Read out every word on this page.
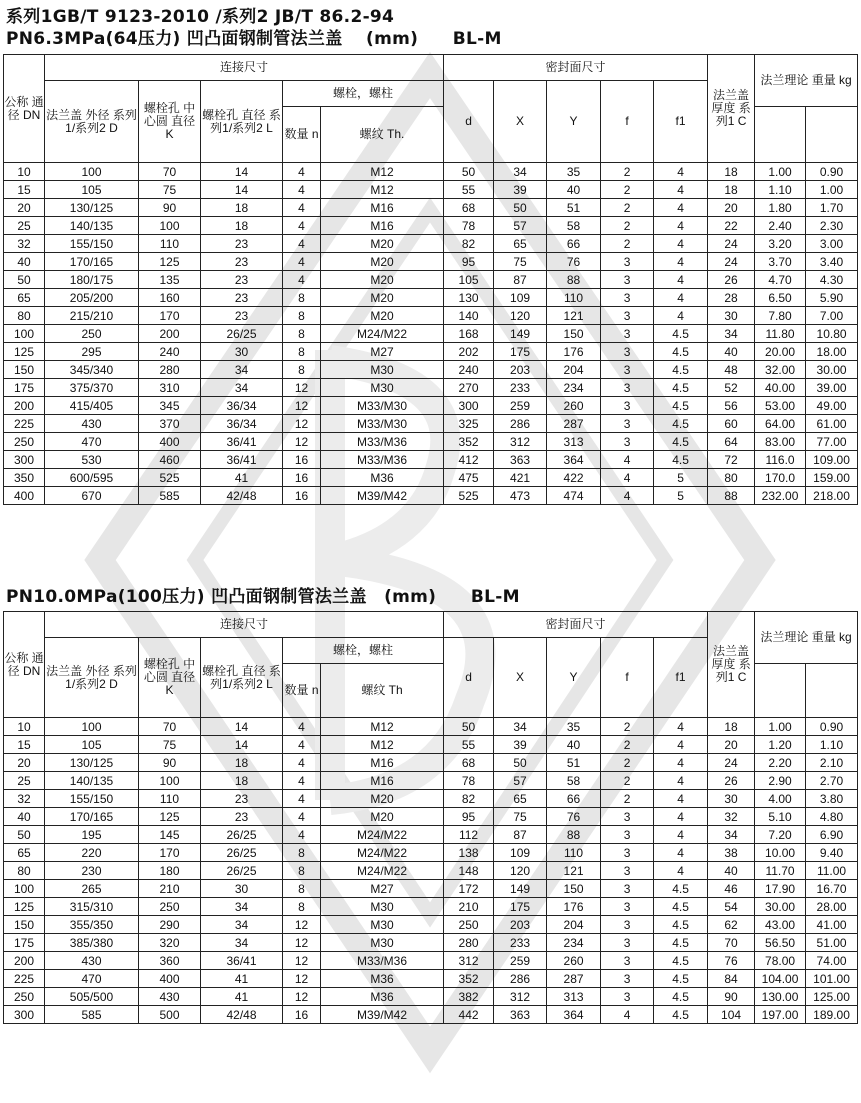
系列1GB/T 9123-2010 /系列2 JB/T 86.2-94
PN6.3MPa(64压力) 凹凸面钢制管法兰盖　 (mm)　　BL-M
公称 通径 DN	连接尺寸					密封面尺寸					法兰盖 厚度 系列1 C	法兰理论 重量 kg	
	法兰盖 外径 系列1/系列2 D	螺栓孔 中心圆 直径 K	螺栓孔 直径 系列1/系列2 L	螺栓，螺柱		d	X	Y	f	f1			
				数量 n	螺纹 Th.								
10	100	70	14	4	M12	50	34	35	2	4	18	1.00	0.90
15	105	75	14	4	M12	55	39	40	2	4	18	1.10	1.00
20	130/125	90	18	4	M16	68	50	51	2	4	20	1.80	1.70
25	140/135	100	18	4	M16	78	57	58	2	4	22	2.40	2.30
32	155/150	110	23	4	M20	82	65	66	2	4	24	3.20	3.00
40	170/165	125	23	4	M20	95	75	76	3	4	24	3.70	3.40
50	180/175	135	23	4	M20	105	87	88	3	4	26	4.70	4.30
65	205/200	160	23	8	M20	130	109	110	3	4	28	6.50	5.90
80	215/210	170	23	8	M20	140	120	121	3	4	30	7.80	7.00
100	250	200	26/25	8	M24/M22	168	149	150	3	4.5	34	11.80	10.80
125	295	240	30	8	M27	202	175	176	3	4.5	40	20.00	18.00
150	345/340	280	34	8	M30	240	203	204	3	4.5	48	32.00	30.00
175	375/370	310	34	12	M30	270	233	234	3	4.5	52	40.00	39.00
200	415/405	345	36/34	12	M33/M30	300	259	260	3	4.5	56	53.00	49.00
225	430	370	36/34	12	M33/M30	325	286	287	3	4.5	60	64.00	61.00
250	470	400	36/41	12	M33/M36	352	312	313	3	4.5	64	83.00	77.00
300	530	460	36/41	16	M33/M36	412	363	364	4	4.5	72	116.0	109.00
350	600/595	525	41	16	M36	475	421	422	4	5	80	170.0	159.00
400	670	585	42/48	16	M39/M42	525	473	474	4	5	88	232.00	218.00
PN10.0MPa(100压力) 凹凸面钢制管法兰盖　(mm)　　BL-M
公称 通径 DN	连接尺寸					密封面尺寸					法兰盖 厚度 系列1 C	法兰理论 重量 kg	
	法兰盖 外径 系列1/系列2 D	螺栓孔 中心圆 直径 K	螺栓孔 直径 系列1/系列2 L	螺栓，螺柱		d	X	Y	f	f1			
				数量 n	螺纹 Th								
10	100	70	14	4	M12	50	34	35	2	4	18	1.00	0.90
15	105	75	14	4	M12	55	39	40	2	4	20	1.20	1.10
20	130/125	90	18	4	M16	68	50	51	2	4	24	2.20	2.10
25	140/135	100	18	4	M16	78	57	58	2	4	26	2.90	2.70
32	155/150	110	23	4	M20	82	65	66	2	4	30	4.00	3.80
40	170/165	125	23	4	M20	95	75	76	3	4	32	5.10	4.80
50	195	145	26/25	4	M24/M22	112	87	88	3	4	34	7.20	6.90
65	220	170	26/25	8	M24/M22	138	109	110	3	4	38	10.00	9.40
80	230	180	26/25	8	M24/M22	148	120	121	3	4	40	11.70	11.00
100	265	210	30	8	M27	172	149	150	3	4.5	46	17.90	16.70
125	315/310	250	34	8	M30	210	175	176	3	4.5	54	30.00	28.00
150	355/350	290	34	12	M30	250	203	204	3	4.5	62	43.00	41.00
175	385/380	320	34	12	M30	280	233	234	3	4.5	70	56.50	51.00
200	430	360	36/41	12	M33/M36	312	259	260	3	4.5	76	78.00	74.00
225	470	400	41	12	M36	352	286	287	3	4.5	84	104.00	101.00
250	505/500	430	41	12	M36	382	312	313	3	4.5	90	130.00	125.00
300	585	500	42/48	16	M39/M42	442	363	364	4	4.5	104	197.00	189.00
